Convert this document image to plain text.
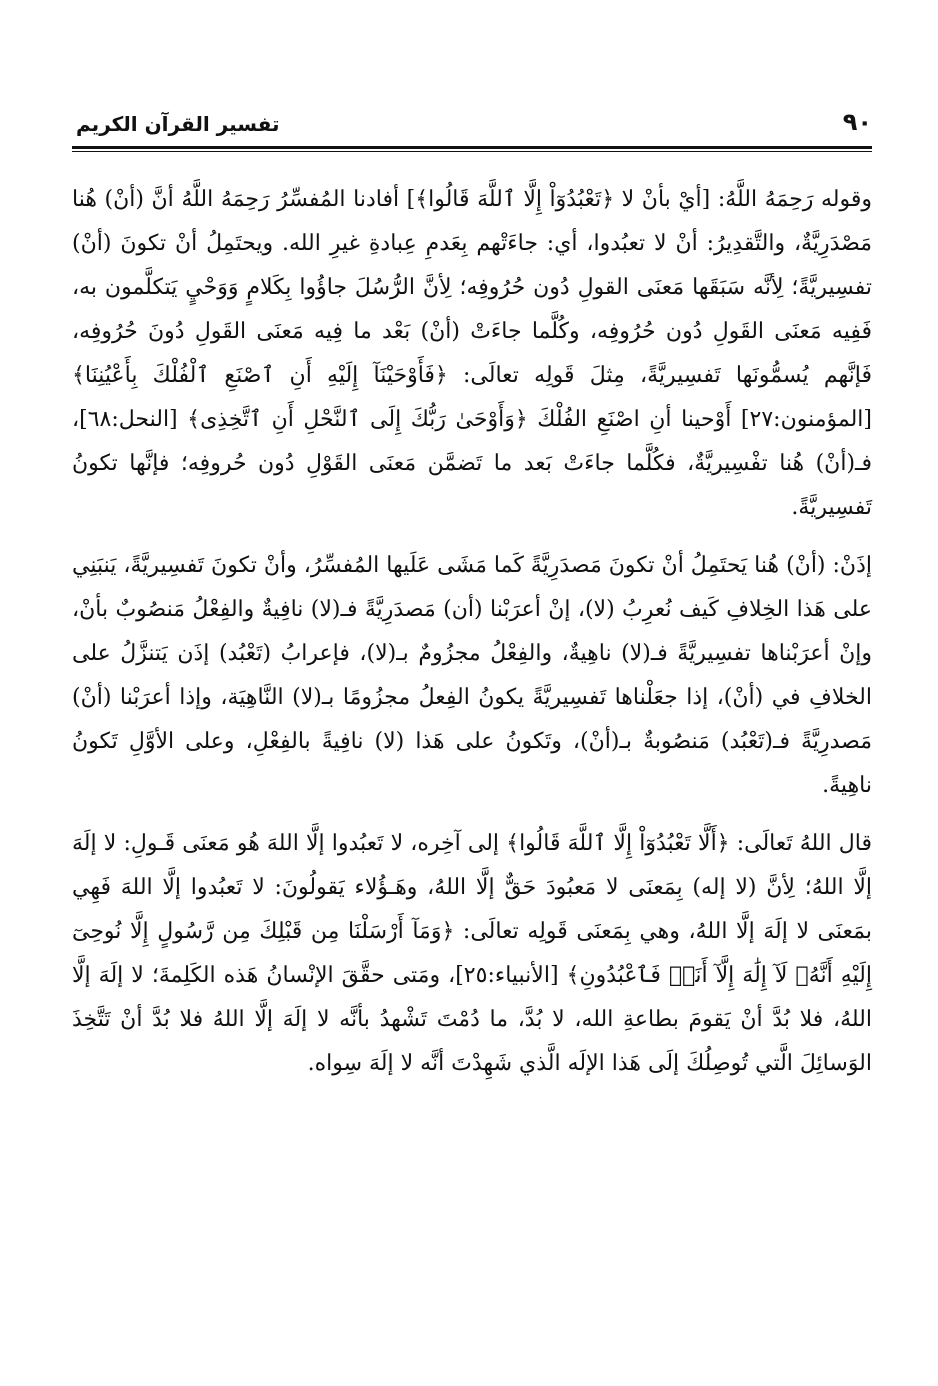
٩٠
تفسير القرآن الكريم

وقوله رَحِمَهُ اللَّهُ: [أيْ بأنْ لا ﴿تَعْبُدُوٓاْ إِلَّا ٱللَّهَ قَالُوا﴾] أفادنا المُفسِّرُ رَحِمَهُ اللَّهُ أنَّ (أنْ) هُنا مَصْدَرِيَّةٌ، والتَّقدِيرُ: أنْ لا تعبُدوا، أي: جاءَتْهم بِعَدمِ عِبادةِ غيرِ الله. ويحتَمِلُ أنْ تكونَ (أنْ) تفسِيريَّةً؛ لِأنَّه سَبَقَها مَعنَى القولِ دُون حُرُوفِه؛ لِأنَّ الرُّسُلَ جاؤُوا بِكَلامٍ وَوَحْيٍ يَتكلَّمون به، فَفِيه مَعنَى القَولِ دُون حُرُوفِه، وكُلَّما جاءَتْ (أنْ) بَعْد ما فِيه مَعنَى القَولِ دُونَ حُرُوفِه، فَإنَّهم يُسمُّونَها تَفسِيريَّةً، مِثلَ قَولِه تعالَى: ﴿فَأَوْحَيْنَآ إِلَيْهِ أَنِ ٱصْنَعِ ٱلْفُلْكَ بِأَعْيُنِنَا﴾ [المؤمنون:٢٧] أَوْحينا أنِ اصْنَعِ الفُلْكَ ﴿وَأَوْحَىٰ رَبُّكَ إِلَى ٱلنَّحْلِ أَنِ ٱتَّخِذِى﴾ [النحل:٦٨]، فـ(أنْ) هُنا تفْسِيريَّةٌ، فكُلَّما جاءَتْ بَعد ما تَضمَّن مَعنَى القَوْلِ دُون حُروفِه؛ فإنَّها تكونُ تَفسِيريَّةً.

إذَنْ: (أنْ) هُنا يَحتَمِلُ أنْ تكونَ مَصدَرِيَّةً كَما مَشَى عَلَيها المُفسِّرُ، وأنْ تكونَ تَفسِيريَّةً، يَنبَنِي على هَذا الخِلافِ كَيف نُعرِبُ (لا)، إنْ أعرَبْنا (أن) مَصدَرِيَّةً فـ(لا) نافِيةٌ والفِعْلُ مَنصُوبٌ بأنْ، وإنْ أعرَبْناها تفسِيريَّةً فـ(لا) ناهِيةٌ، والفِعْلُ مجزُومٌ بـ(لا)، فإعرابُ (تَعْبُد) إذَن يَتنزَّلُ على الخلافِ في (أنْ)، إذا جعَلْناها تَفسِيريَّةً يكونُ الفِعلُ مجزُومًا بـ(لا) النَّاهِيَة، وإذا أعرَبْنا (أنْ) مَصدرِيَّةً فـ(تَعْبُد) مَنصُوبةٌ بـ(أنْ)، وتَكونُ على هَذا (لا) نافِيةً بالفِعْلِ، وعلى الأوَّلِ تَكونُ ناهِيةً.

قال اللهُ تَعالَى: ﴿أَلَّا تَعْبُدُوٓاْ إِلَّا ٱللَّهَ قَالُوا﴾ إلى آخِره، لا تَعبُدوا إلَّا اللهَ هُو مَعنَى قَـولِ: لا إلَهَ إلَّا اللهُ؛ لِأنَّ (لا إله) بِمَعنَى لا مَعبُودَ حَقٌّ إلَّا اللهُ، وهَـؤُلاء يَقولُونَ: لا تَعبُدوا إلَّا اللهَ فَهِي بمَعنَى لا إلَهَ إلَّا اللهُ، وهي بِمَعنَى قَولِه تعالَى: ﴿وَمَآ أَرْسَلْنَا مِن قَبْلِكَ مِن رَّسُولٍ إِلَّا نُوحِىٓ إِلَيْهِ أَنَّهُۥ لَآ إِلَٰهَ إِلَّآ أَنَا۠ فَٱعْبُدُونِ﴾ [الأنبياء:٢٥]، ومَتى حقَّقَ الإنْسانُ هَذه الكَلِمةَ؛ لا إلَهَ إلَّا اللهُ، فلا بُدَّ أنْ يَقومَ بطاعةِ الله، لا بُدَّ، ما دُمْتَ تَشْهدُ بأنَّه لا إلَهَ إلَّا اللهُ فلا بُدَّ أنْ تَتَّخِذَ الوَسائِلَ الَّتي تُوصِلُكَ إلَى هَذا الإلَه الَّذي شَهِدْتَ أنَّه لا إلَهَ سِواه.
